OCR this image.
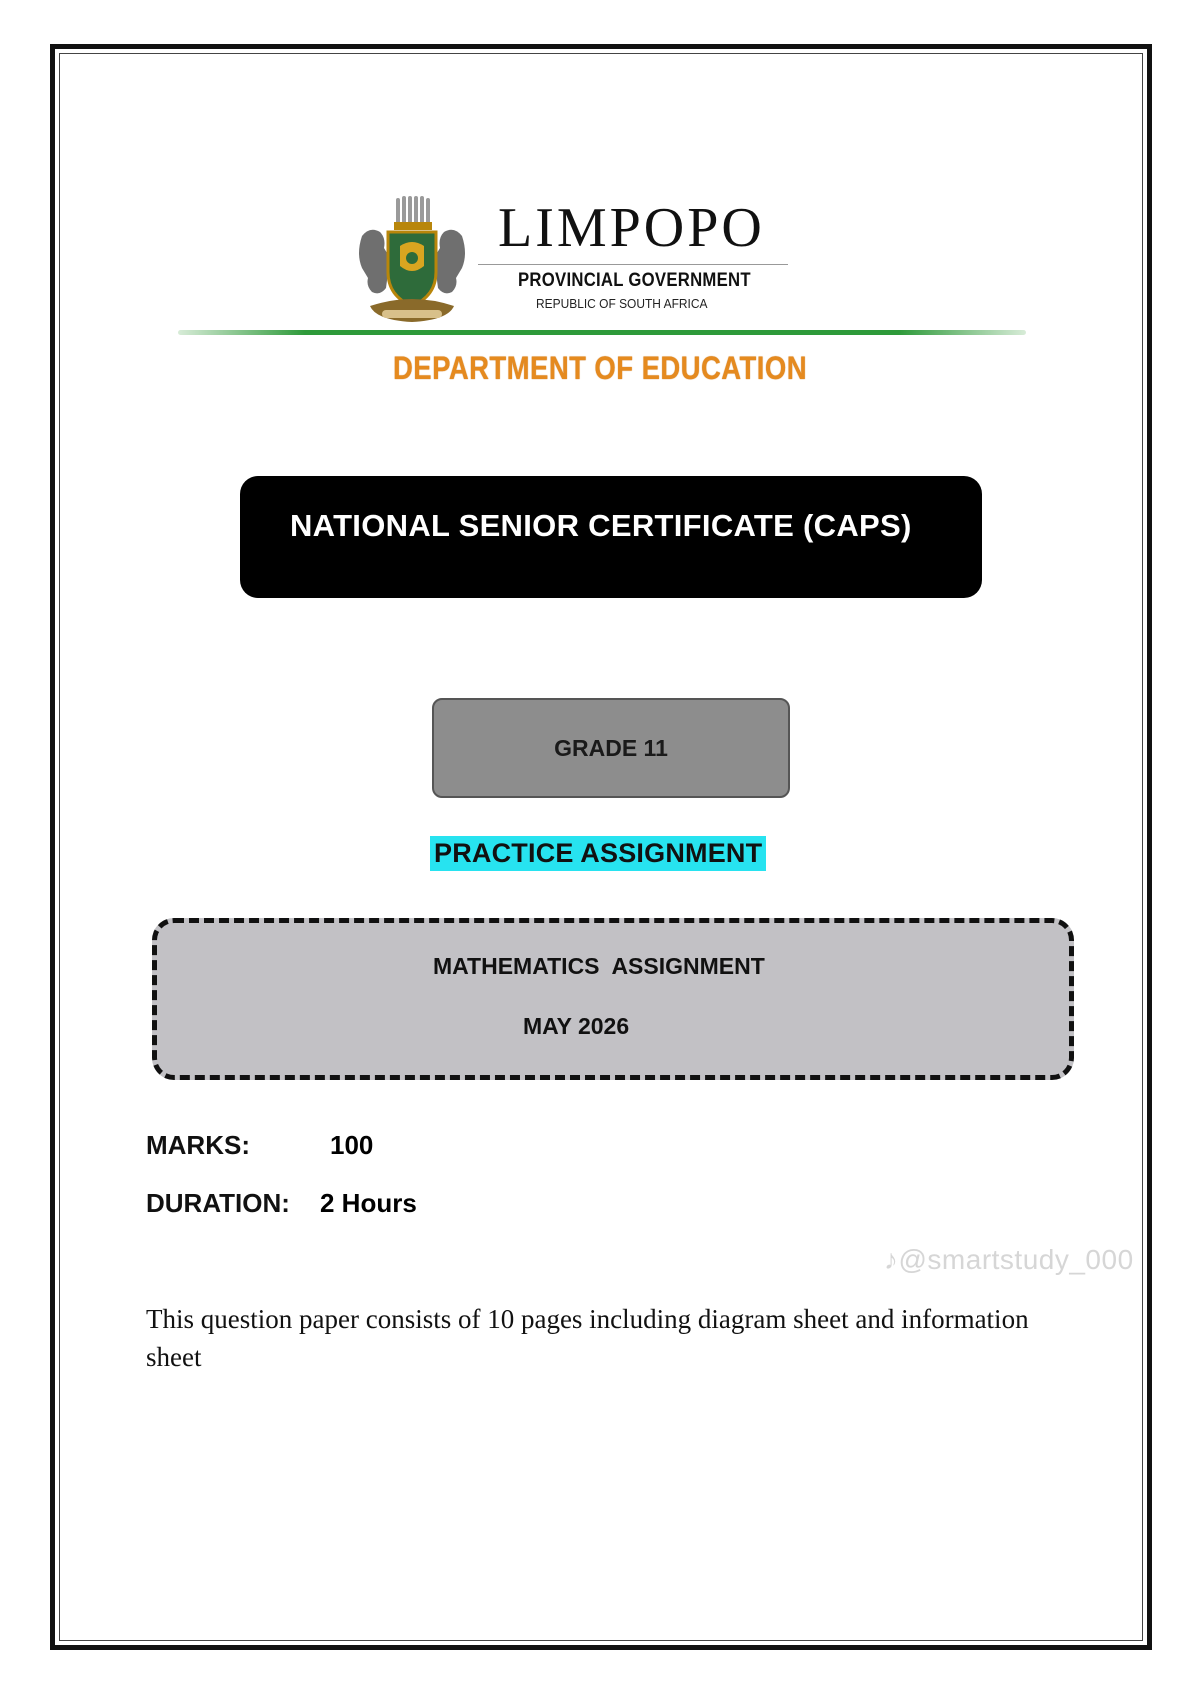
LIMPOPO
PROVINCIAL GOVERNMENT
REPUBLIC OF SOUTH AFRICA
DEPARTMENT OF EDUCATION
NATIONAL SENIOR CERTIFICATE (CAPS)
GRADE 11
PRACTICE ASSIGNMENT
MATHEMATICS  ASSIGNMENT
MAY 2026
MARKS:	100
DURATION: 2 Hours
♪@smartstudy_000
This question paper consists of 10 pages including diagram sheet and information sheet
